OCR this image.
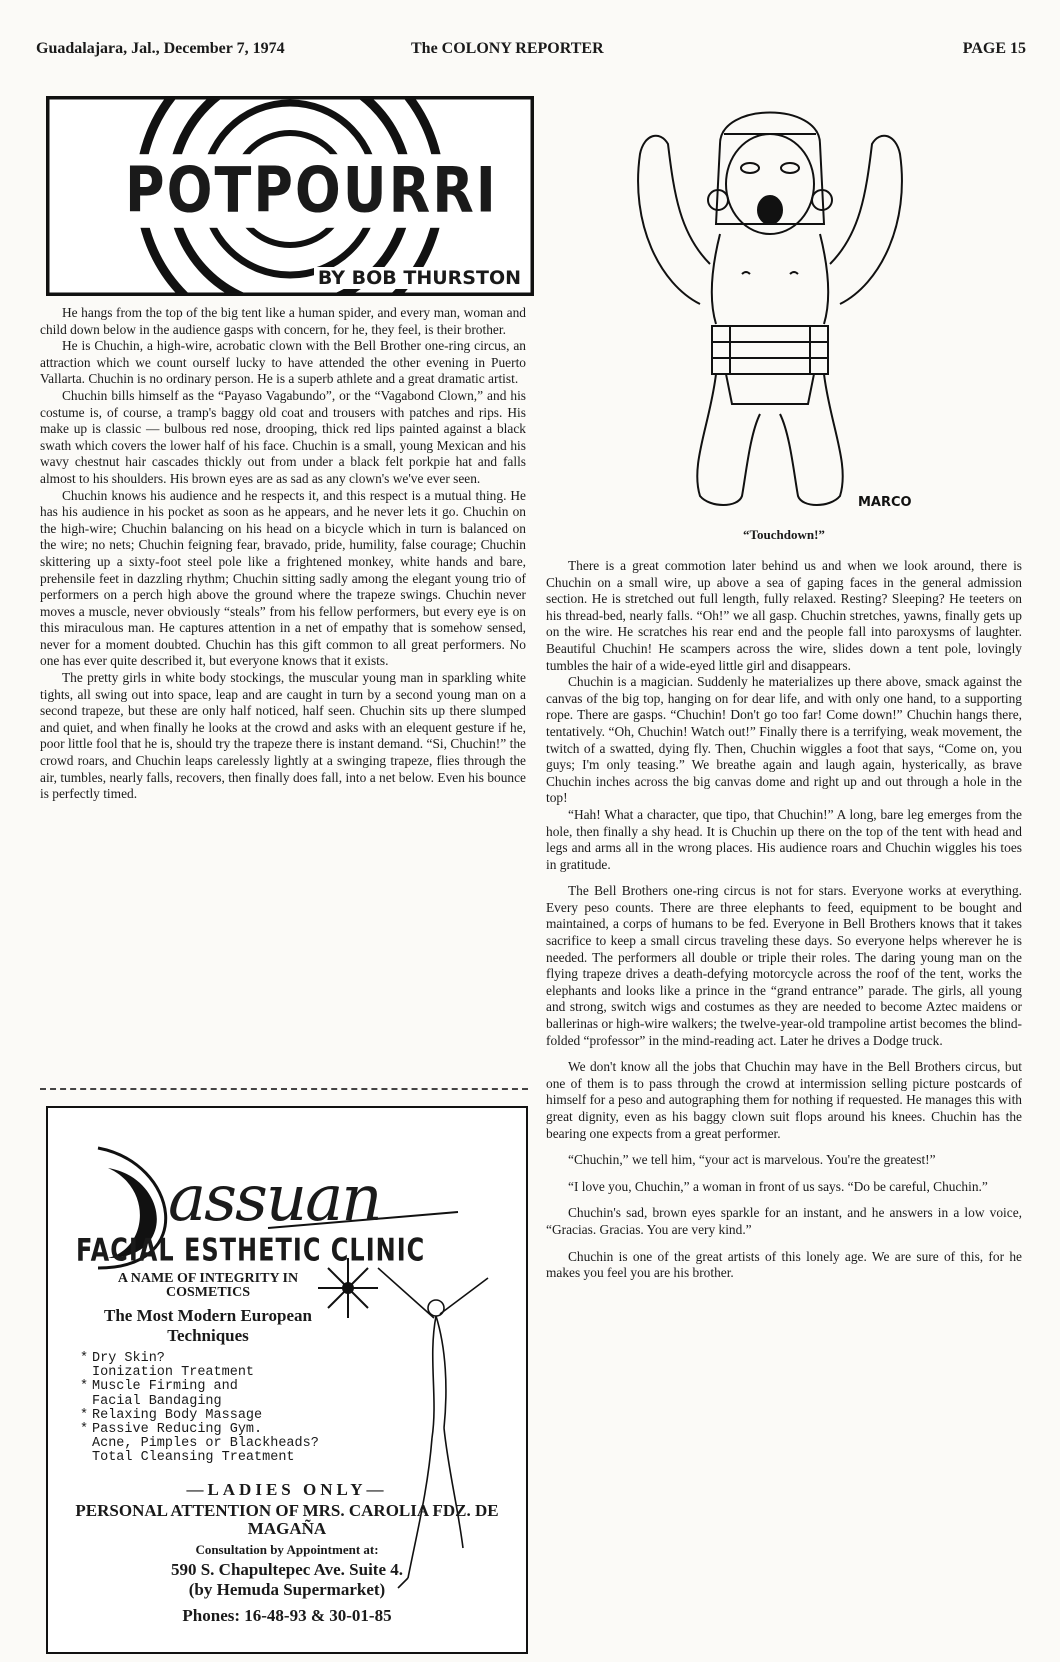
Guadalajara, Jal., December 7, 1974	The COLONY REPORTER	PAGE 15
POTPOURRI
BY BOB THURSTON

He hangs from the top of the big tent like a human spider, and every man, woman and child down below in the audience gasps with concern, for he, they feel, is their brother.

He is Chuchin, a high-wire, acrobatic clown with the Bell Brother one-ring circus, an attraction which we count ourself lucky to have attended the other evening in Puerto Vallarta. Chuchin is no ordinary person. He is a superb athlete and a great dramatic artist.

Chuchin bills himself as the “Payaso Vagabundo”, or the “Vagabond Clown,” and his costume is, of course, a tramp's baggy old coat and trousers with patches and rips. His make up is classic — bulbous red nose, drooping, thick red lips painted against a black swath which covers the lower half of his face. Chuchin is a small, young Mexican and his wavy chestnut hair cascades thickly out from under a black felt porkpie hat and falls almost to his shoulders. His brown eyes are as sad as any clown's we've ever seen.

Chuchin knows his audience and he respects it, and this respect is a mutual thing. He has his audience in his pocket as soon as he appears, and he never lets it go. Chuchin on the high-wire; Chuchin balancing on his head on a bicycle which in turn is balanced on the wire; no nets; Chuchin feigning fear, bravado, pride, humility, false courage; Chuchin skittering up a sixty-foot steel pole like a frightened monkey, white hands and bare, prehensile feet in dazzling rhythm; Chuchin sitting sadly among the elegant young trio of performers on a perch high above the ground where the trapeze swings. Chuchin never moves a muscle, never obviously “steals” from his fellow performers, but every eye is on this miraculous man. He captures attention in a net of empathy that is somehow sensed, never for a moment doubted. Chuchin has this gift common to all great performers. No one has ever quite described it, but everyone knows that it exists.

The pretty girls in white body stockings, the muscular young man in sparkling white tights, all swing out into space, leap and are caught in turn by a second young man on a second trapeze, but these are only half noticed, half seen. Chuchin sits up there slumped and quiet, and when finally he looks at the crowd and asks with an elequent gesture if he, poor little fool that he is, should try the trapeze there is instant demand. “Si, Chuchin!” the crowd roars, and Chuchin leaps carelessly lightly at a swinging trapeze, flies through the air, tumbles, nearly falls, recovers, then finally does fall, into a net below. Even his bounce is perfectly timed.

assuan
FACIAL ESTHETIC CLINIC
A NAME OF INTEGRITY IN COSMETICS
The Most Modern European Techniques
* Dry Skin?
Ionization Treatment
* Muscle Firming and
Facial Bandaging
* Relaxing Body Massage
* Passive Reducing Gym.
Acne, Pimples or Blackheads?
Total Cleansing Treatment
—LADIES ONLY—
PERSONAL ATTENTION OF MRS. CAROLIA FDZ. DE MAGAÑA
Consultation by Appointment at:
590 S. Chapultepec Ave. Suite 4.
(by Hemuda Supermarket)
Phones: 16-48-93 & 30-01-85
MARCO
“Touchdown!”

There is a great commotion later behind us and when we look around, there is Chuchin on a small wire, up above a sea of gaping faces in the general admission section. He is stretched out full length, fully relaxed. Resting? Sleeping? He teeters on his thread-bed, nearly falls. “Oh!” we all gasp. Chuchin stretches, yawns, finally gets up on the wire. He scratches his rear end and the people fall into paroxysms of laughter. Beautiful Chuchin! He scampers across the wire, slides down a tent pole, lovingly tumbles the hair of a wide-eyed little girl and disappears.

Chuchin is a magician. Suddenly he materializes up there above, smack against the canvas of the big top, hanging on for dear life, and with only one hand, to a supporting rope. There are gasps. “Chuchin! Don't go too far! Come down!” Chuchin hangs there, tentatively. “Oh, Chuchin! Watch out!” Finally there is a terrifying, weak movement, the twitch of a swatted, dying fly. Then, Chuchin wiggles a foot that says, “Come on, you guys; I'm only teasing.” We breathe again and laugh again, hysterically, as brave Chuchin inches across the big canvas dome and right up and out through a hole in the top!

“Hah! What a character, que tipo, that Chuchin!” A long, bare leg emerges from the hole, then finally a shy head. It is Chuchin up there on the top of the tent with head and legs and arms all in the wrong places. His audience roars and Chuchin wiggles his toes in gratitude.

The Bell Brothers one-ring circus is not for stars. Everyone works at everything. Every peso counts. There are three elephants to feed, equipment to be bought and maintained, a corps of humans to be fed. Everyone in Bell Brothers knows that it takes sacrifice to keep a small circus traveling these days. So everyone helps wherever he is needed. The performers all double or triple their roles. The daring young man on the flying trapeze drives a death-defying motorcycle across the roof of the tent, works the elephants and looks like a prince in the “grand entrance” parade. The girls, all young and strong, switch wigs and costumes as they are needed to become Aztec maidens or ballerinas or high-wire walkers; the twelve-year-old trampoline artist becomes the blind-folded “professor” in the mind-reading act. Later he drives a Dodge truck.

We don't know all the jobs that Chuchin may have in the Bell Brothers circus, but one of them is to pass through the crowd at intermission selling picture postcards of himself for a peso and autographing them for nothing if requested. He manages this with great dignity, even as his baggy clown suit flops around his knees. Chuchin has the bearing one expects from a great performer.

“Chuchin,” we tell him, “your act is marvelous. You're the greatest!”

“I love you, Chuchin,” a woman in front of us says. “Do be careful, Chuchin.”

Chuchin's sad, brown eyes sparkle for an instant, and he answers in a low voice, “Gracias. Gracias. You are very kind.”

Chuchin is one of the great artists of this lonely age. We are sure of this, for he makes you feel you are his brother.
